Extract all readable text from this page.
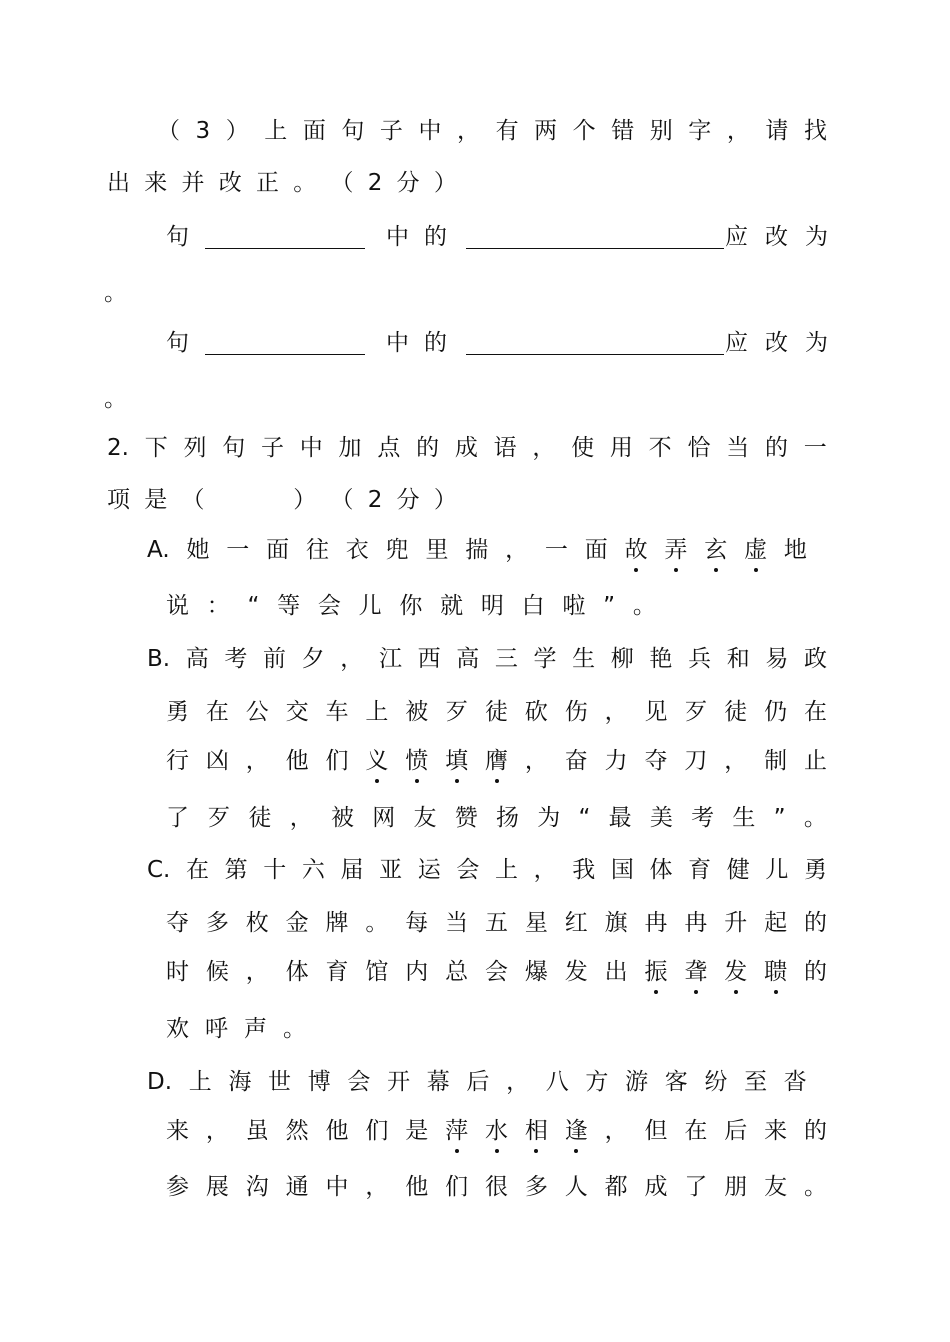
（ 3 ） 上 面 句 子 中 ， 有 两 个 错 别 字 ， 请 找
出 来 并 改 正 。 （ 2 分 ）
句	中 的	应改为
。
句	中 的	应改为
。
2. 下 列 句 子 中 加 点 的 成 语 ， 使 用 不 恰 当 的 一
项 是 （

　	） （ 2 分 ）
A. 她 一 面 往 衣 兜 里 揣 ， 一 面 故 弄 玄 虚 地
说 ： “ 等 会 儿 你 就 明 白 啦 ” 。
B. 高 考 前 夕 ， 江 西 高 三 学 生 柳 艳 兵 和 易 政
勇 在 公 交 车 上 被 歹 徒 砍 伤 ， 见 歹 徒 仍 在
行 凶 ， 他 们 义 愤 填 膺 ， 奋 力 夺 刀 ， 制 止
了 歹 徒 ， 被 网 友 赞 扬 为 “ 最 美 考 生 ” 。
C. 在 第 十 六 届 亚 运 会 上 ， 我 国 体 育 健 儿 勇
夺 多 枚 金 牌 。 每 当 五 星 红 旗 冉 冉 升 起 的
时 候 ， 体 育 馆 内 总 会 爆 发 出 振 聋 发 聩 的
欢 呼 声 。
D. 上 海 世 博 会 开 幕 后 ， 八 方 游 客 纷 至 沓
来 ， 虽 然 他 们 是 萍 水 相 逢 ， 但 在 后 来 的
参 展 沟 通 中 ， 他 们 很 多 人 都 成 了 朋 友 。
